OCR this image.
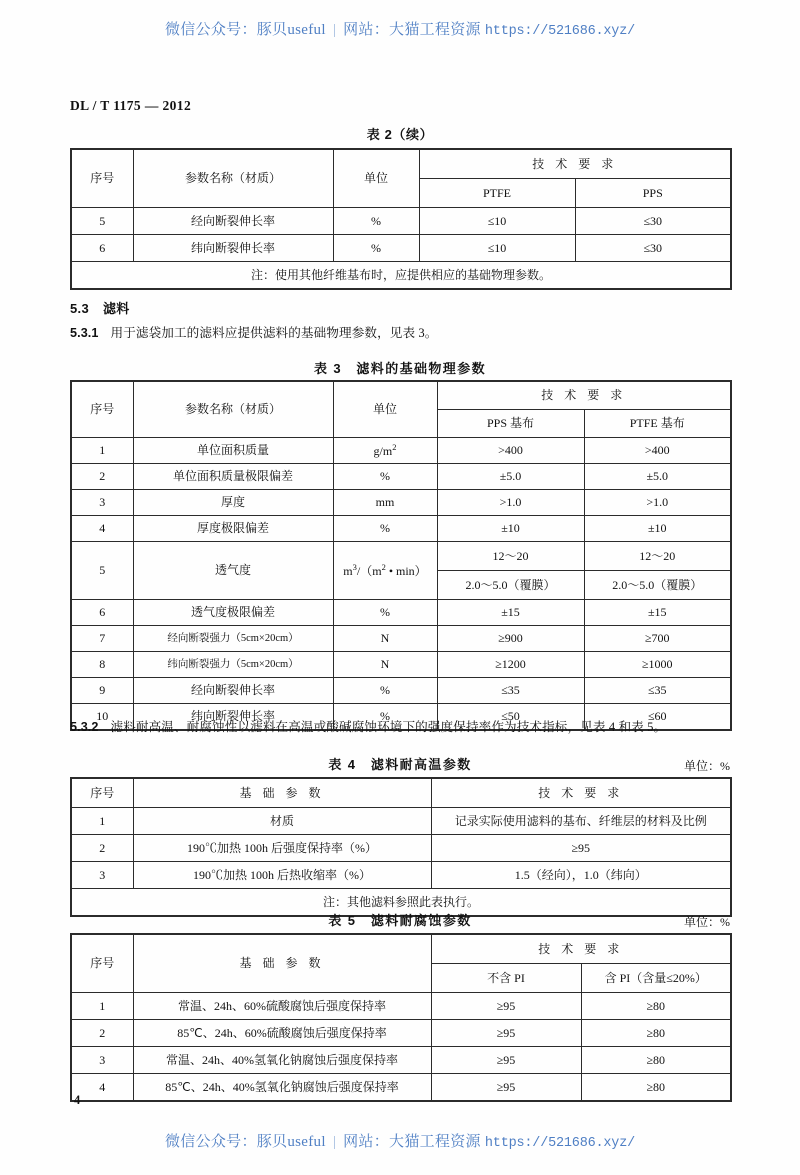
微信公众号：豚贝useful | 网站：大猫工程资源 https://521686.xyz/
DL / T 1175 — 2012
表 2（续）
序号	参数名称（材质）	单位	技 术 要 求	
			PTFE	PPS
5	经向断裂伸长率	%	≤10	≤30
6	纬向断裂伸长率	%	≤10	≤30
注：使用其他纤维基布时，应提供相应的基础物理参数。				
5.3 滤料
5.3.1 用于滤袋加工的滤料应提供滤料的基础物理参数，见表 3。
表 3　滤料的基础物理参数
序号	参数名称（材质）	单位	技 术 要 求	
			PPS 基布	PTFE 基布
1	单位面积质量	$g/m^2$	>400	>400
2	单位面积质量极限偏差	%	±5.0	±5.0
3	厚度	mm	>1.0	>1.0
4	厚度极限偏差	%	±10	±10
5	透气度	$m^3/(m^2$ • min）	12～20	12～20
			2.0～5.0（覆膜）	2.0～5.0（覆膜）
6	透气度极限偏差	%	±15	±15
7	经向断裂强力（5cm×20cm）	N	≥900	≥700
8	纬向断裂强力（5cm×20cm）	N	≥1200	≥1000
9	经向断裂伸长率	%	≤35	≤35
10	纬向断裂伸长率	%	≤50	≤60
5.3.2 滤料耐高温、耐腐蚀性以滤料在高温或酸碱腐蚀环境下的强度保持率作为技术指标，见表 4 和表 5。
表 4　滤料耐高温参数	单位：%
序号	基 础 参 数	技 术 要 求
1	材质	记录实际使用滤料的基布、纤维层的材料及比例
2	190℃加热 100h 后强度保持率（%）	≥95
3	190℃加热 100h 后热收缩率（%）	1.5（经向），1.0（纬向）
注：其他滤料参照此表执行。		
表 5　滤料耐腐蚀参数	单位：%
序号	基 础 参 数	技 术 要 求	
		不含 PI	含 PI（含量≤20%）
1	常温、24h、60%硫酸腐蚀后强度保持率	≥95	≥80
2	85℃、24h、60%硫酸腐蚀后强度保持率	≥95	≥80
3	常温、24h、40%氢氧化钠腐蚀后强度保持率	≥95	≥80
4	85℃、24h、40%氢氧化钠腐蚀后强度保持率	≥95	≥80
4
微信公众号：豚贝useful | 网站：大猫工程资源 https://521686.xyz/
